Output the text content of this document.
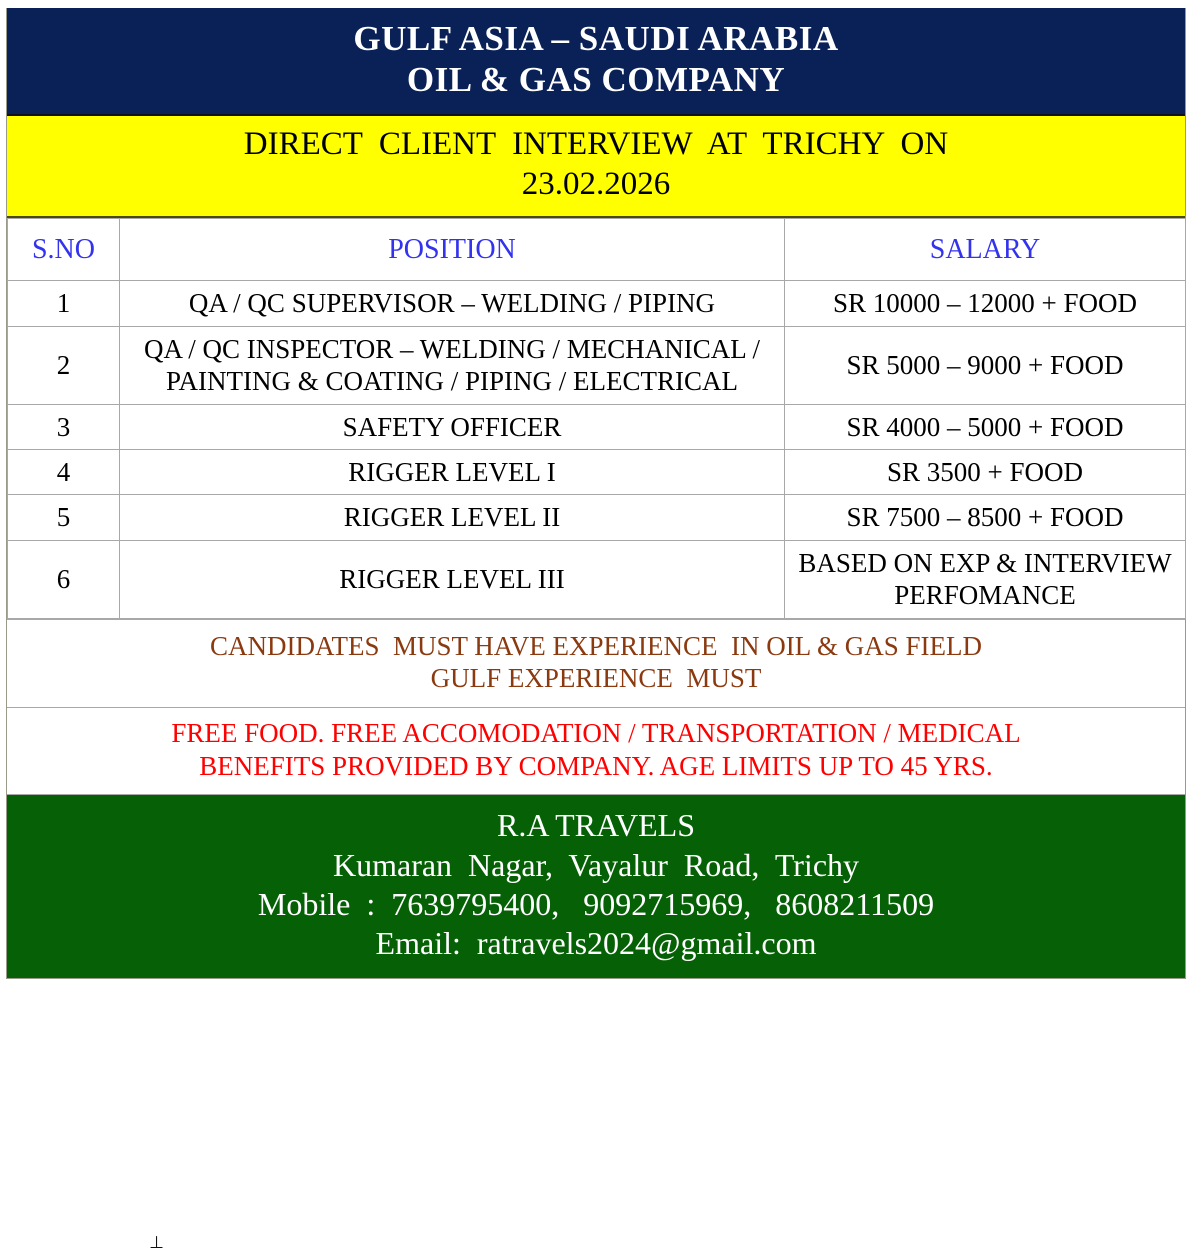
GULF ASIA – SAUDI ARABIA
OIL & GAS COMPANY
DIRECT  CLIENT  INTERVIEW  AT  TRICHY  ON
23.02.2026
S.NO	POSITION	SALARY
1	QA / QC SUPERVISOR – WELDING / PIPING	SR 10000 – 12000 + FOOD
2	QA / QC INSPECTOR – WELDING / MECHANICAL / PAINTING & COATING / PIPING / ELECTRICAL	SR 5000 – 9000 + FOOD
3	SAFETY OFFICER	SR 4000 – 5000 + FOOD
4	RIGGER LEVEL I	SR 3500 + FOOD
5	RIGGER LEVEL II	SR 7500 – 8500 + FOOD
6	RIGGER LEVEL III	BASED ON EXP & INTERVIEW PERFOMANCE
CANDIDATES  MUST HAVE EXPERIENCE  IN OIL & GAS FIELD
GULF EXPERIENCE  MUST
FREE FOOD. FREE ACCOMODATION / TRANSPORTATION / MEDICAL
BENEFITS PROVIDED BY COMPANY. AGE LIMITS UP TO 45 YRS.
R.A TRAVELS
Kumaran  Nagar,  Vayalur  Road,  Trichy
Mobile  :  7639795400,   9092715969,   8608211509
Email:  ratravels2024@gmail.com
⊥
